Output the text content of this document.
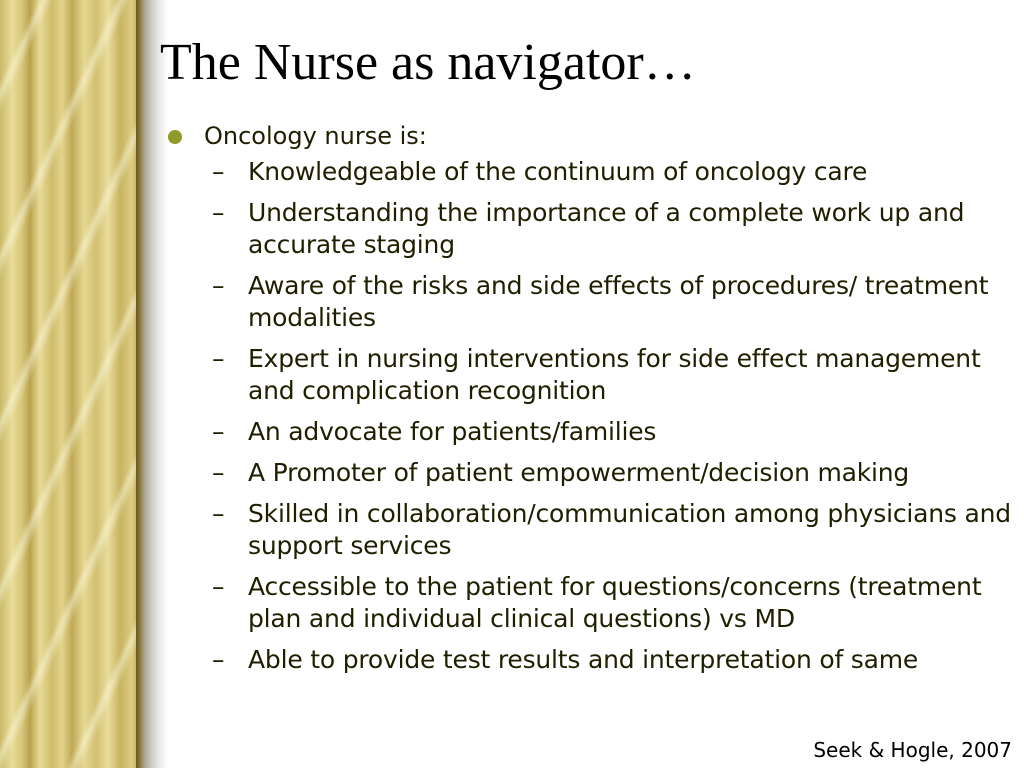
The Nurse as navigator…
Oncology nurse is:
– Knowledgeable of the continuum of oncology care
– Understanding the importance of a complete work up and accurate staging
– Aware of the risks and side effects of procedures/ treatment modalities
– Expert in nursing interventions for side effect management and complication recognition
– An advocate for patients/families
– A Promoter of patient empowerment/decision making
– Skilled in collaboration/communication among physicians and support services
– Accessible to the patient for questions/concerns (treatment plan and individual clinical questions) vs MD
– Able to provide test results and interpretation of same
Seek & Hogle, 2007
